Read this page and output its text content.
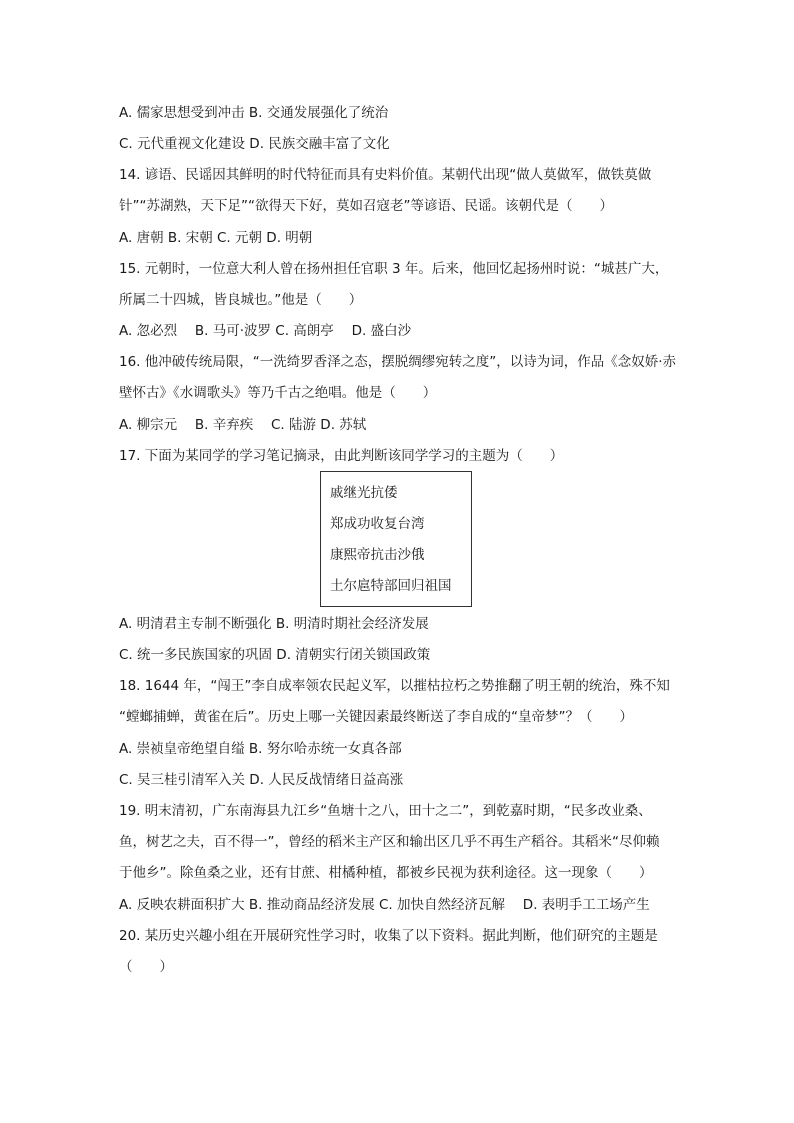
A. 儒家思想受到冲击 B. 交通发展强化了统治
C. 元代重视文化建设 D. 民族交融丰富了文化
14. 谚语、民谣因其鲜明的时代特征而具有史料价值。某朝代出现“做人莫做军，做铁莫做
针”“苏湖熟，天下足”“欲得天下好，莫如召寇老”等谚语、民谣。该朝代是（　　）
A. 唐朝 B. 宋朝 C. 元朝 D. 明朝
15. 元朝时，一位意大利人曾在扬州担任官职 3 年。后来，他回忆起扬州时说：“城甚广大，
所属二十四城，皆良城也。”他是（　　）
A. 忽必烈　 B. 马可·波罗 C. 高朗亭　 D. 盛白沙
16. 他冲破传统局限，“一洗绮罗香泽之态，摆脱绸缪宛转之度”，以诗为词，作品《念奴娇·赤
壁怀古》《水调歌头》等乃千古之绝唱。他是（　　）
A. 柳宗元　 B. 辛弃疾　 C. 陆游 D. 苏轼
17. 下面为某同学的学习笔记摘录，由此判断该同学学习的主题为（　　）
戚继光抗倭
郑成功收复台湾
康熙帝抗击沙俄
土尔扈特部回归祖国
A. 明清君主专制不断强化 B. 明清时期社会经济发展
C. 统一多民族国家的巩固 D. 清朝实行闭关锁国政策
18. 1644 年，“闯王”李自成率领农民起义军，以摧枯拉朽之势推翻了明王朝的统治，殊不知
“螳螂捕蝉，黄雀在后”。历史上哪一关键因素最终断送了李自成的“皇帝梦”？（　　）
A. 崇祯皇帝绝望自缢 B. 努尔哈赤统一女真各部
C. 吴三桂引清军入关 D. 人民反战情绪日益高涨
19. 明末清初，广东南海县九江乡“鱼塘十之八，田十之二”，到乾嘉时期，“民多改业桑、
鱼，树艺之夫，百不得一”，曾经的稻米主产区和输出区几乎不再生产稻谷。其稻米“尽仰赖
于他乡”。除鱼桑之业，还有甘蔗、柑橘种植，都被乡民视为获利途径。这一现象（　　）
A. 反映农耕面积扩大 B. 推动商品经济发展 C. 加快自然经济瓦解　 D. 表明手工工场产生
20. 某历史兴趣小组在开展研究性学习时，收集了以下资料。据此判断，他们研究的主题是
（　　）
